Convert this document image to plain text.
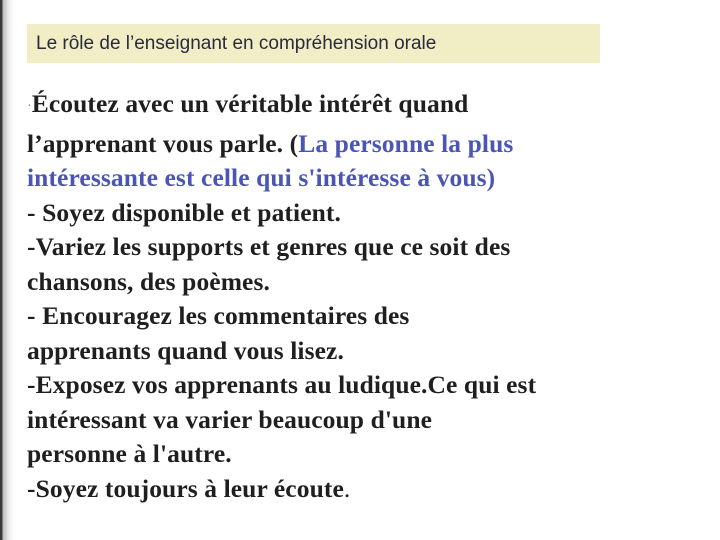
Le rôle de l’enseignant en compréhension orale
·Écoutez avec un véritable intérêt quand
l’apprenant vous parle. (La personne la plus
intéressante est celle qui s'intéresse à vous)
- Soyez disponible et patient.
-Variez les supports et genres que ce soit des
chansons, des poèmes.
- Encouragez les commentaires des
apprenants quand vous lisez.
-Exposez vos apprenants au ludique.Ce qui est
intéressant va varier beaucoup d'une
personne à l'autre.
-Soyez toujours à leur écoute.
